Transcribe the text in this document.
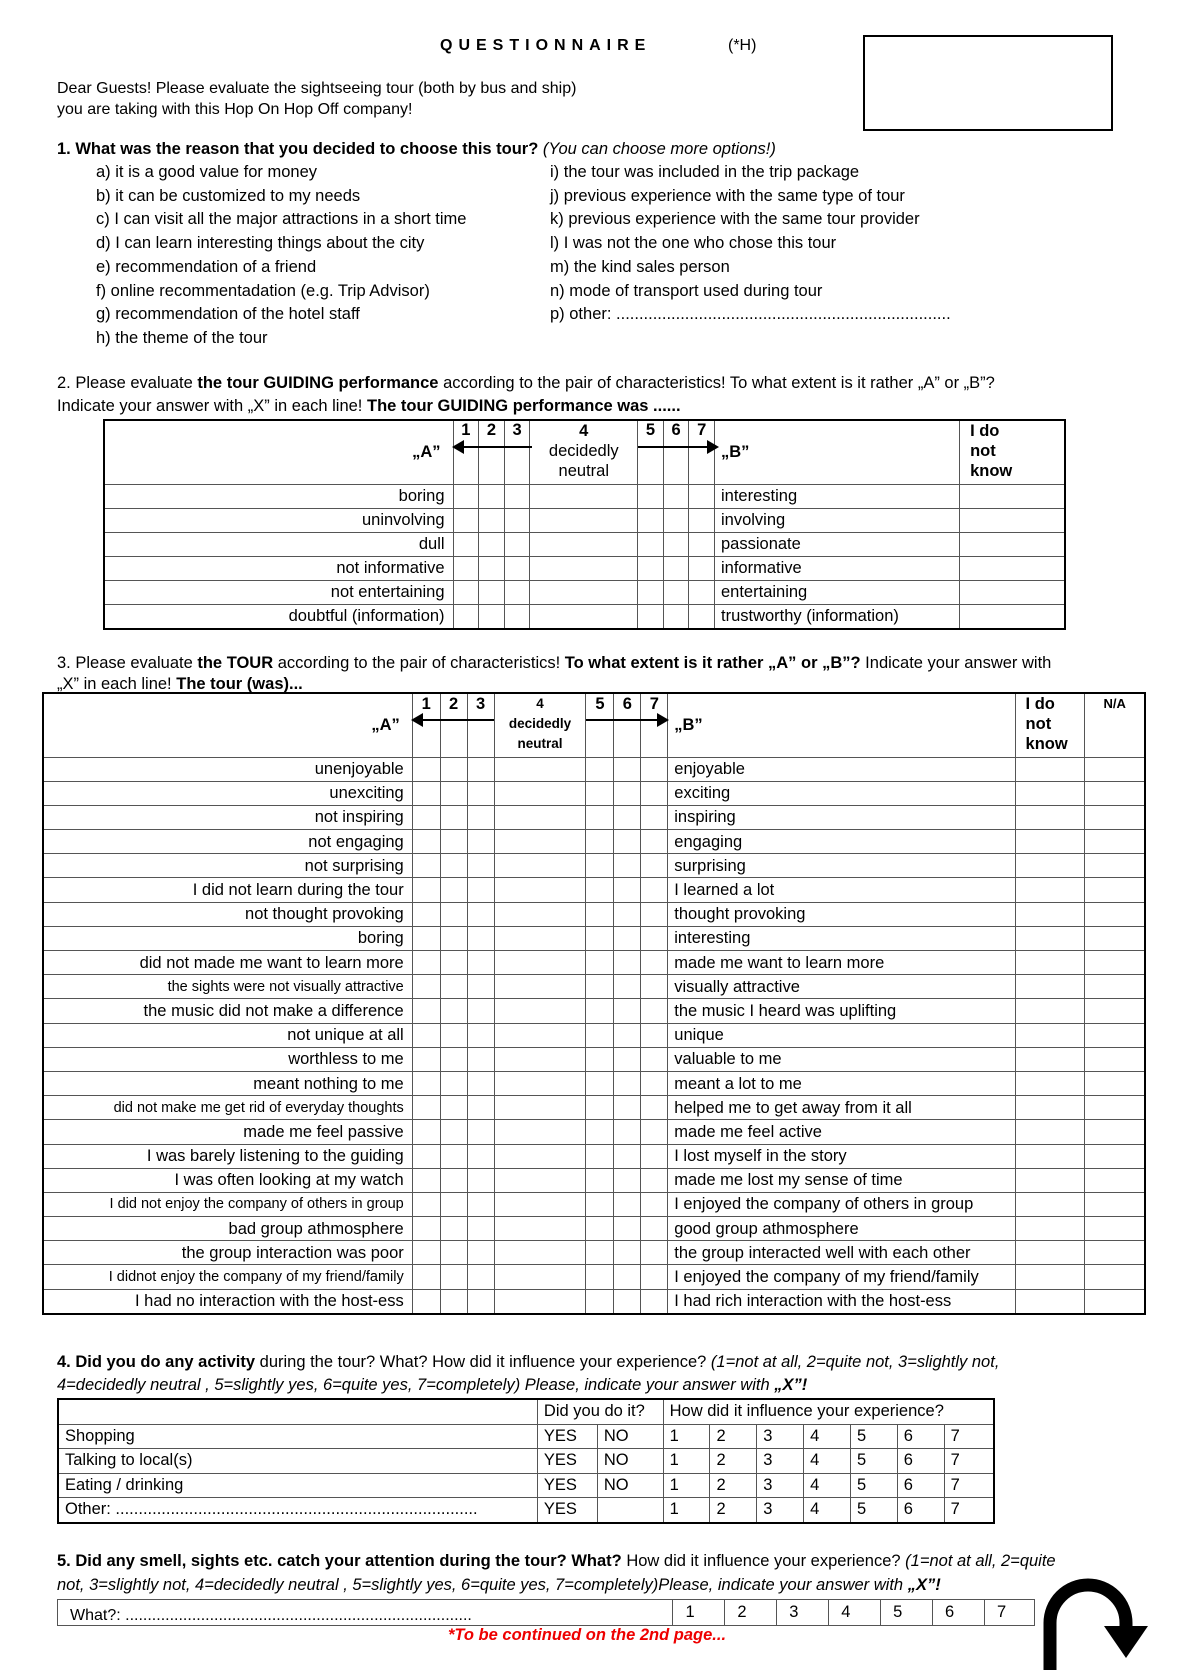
QUESTIONNAIRE	(*H)
Dear Guests! Please evaluate the sightseeing tour (both by bus and ship)
you are taking with this Hop On Hop Off company!
1. What was the reason that you decided to choose this tour? (You can choose more options!)
a) it is a good value for money
b) it can be customized to my needs
c) I can visit all the major attractions in a short time
d) I can learn interesting things about the city
e) recommendation of a friend
f) online recommentadation (e.g. Trip Advisor)
g) recommendation of the hotel staff
h) the theme of the tour
i) the tour was included in the trip package
j) previous experience with the same type of tour
k) previous experience with the same tour provider
l) I was not the one who chose this tour
m) the kind sales person
n) mode of transport used during tour
p) other: .........................................................................
2. Please evaluate the tour GUIDING performance according to the pair of characteristics! To what extent is it rather „A” or „B”?
Indicate your answer with „X” in each line! The tour GUIDING performance was ......
„A”	1	2	3	4
decidedly
neutral	5	6	7	„B”	I do
not
know
boring								interesting	
uninvolving								involving	
dull								passionate	
not informative								informative	
not entertaining								entertaining	
doubtful (information)								trustworthy (information)	
3. Please evaluate the TOUR according to the pair of characteristics! To what extent is it rather „A” or „B”? Indicate your answer with
„X” in each line! The tour (was)...
„A”	1	2	3	4
decidedly
neutral	5	6	7	„B”	I do
not
know	N/A
unenjoyable								enjoyable		
unexciting								exciting		
not inspiring								inspiring		
not engaging								engaging		
not surprising								surprising		
I did not learn during the tour								I learned a lot		
not thought provoking								thought provoking		
boring								interesting		
did not made me want to learn more								made me want to learn more		
the sights were not visually attractive								visually attractive		
the music did not make a difference								the music I heard was uplifting		
not unique at all								unique		
worthless to me								valuable to me		
meant nothing to me								meant a lot to me		
did not make me get rid of everyday thoughts								helped me to get away from it all		
made me feel passive								made me feel active		
I was barely listening to the guiding								I lost myself in the story		
I was often looking at my watch								made me lost my sense of time		
I did not enjoy the company of others in group								I enjoyed the company of others in group		
bad group athmosphere								good group athmosphere		
the group interaction was poor								the group interacted well with each other		
I didnot enjoy the company of my friend/family								I enjoyed the company of my friend/family		
I had no interaction with the host-ess								I had rich interaction with the host-ess		
4. Did you do any activity during the tour? What? How did it influence your experience? (1=not at all, 2=quite not, 3=slightly not,
4=decidedly neutral , 5=slightly yes, 6=quite yes, 7=completely) Please, indicate your answer with „X”!
	Did you do it?		How did it influence your experience?						
Shopping	YES	NO	1	2	3	4	5	6	7
Talking to local(s)	YES	NO	1	2	3	4	5	6	7
Eating / drinking	YES	NO	1	2	3	4	5	6	7
Other: ...............................................................................	YES		1	2	3	4	5	6	7
5. Did any smell, sights etc. catch your attention during the tour? What? How did it influence your experience? (1=not at all, 2=quite
not, 3=slightly not, 4=decidedly neutral , 5=slightly yes, 6=quite yes, 7=completely)Please, indicate your answer with „X”!
What?: ..............................................................................	1	2	3	4	5	6	7
*To be continued on the 2nd page...
